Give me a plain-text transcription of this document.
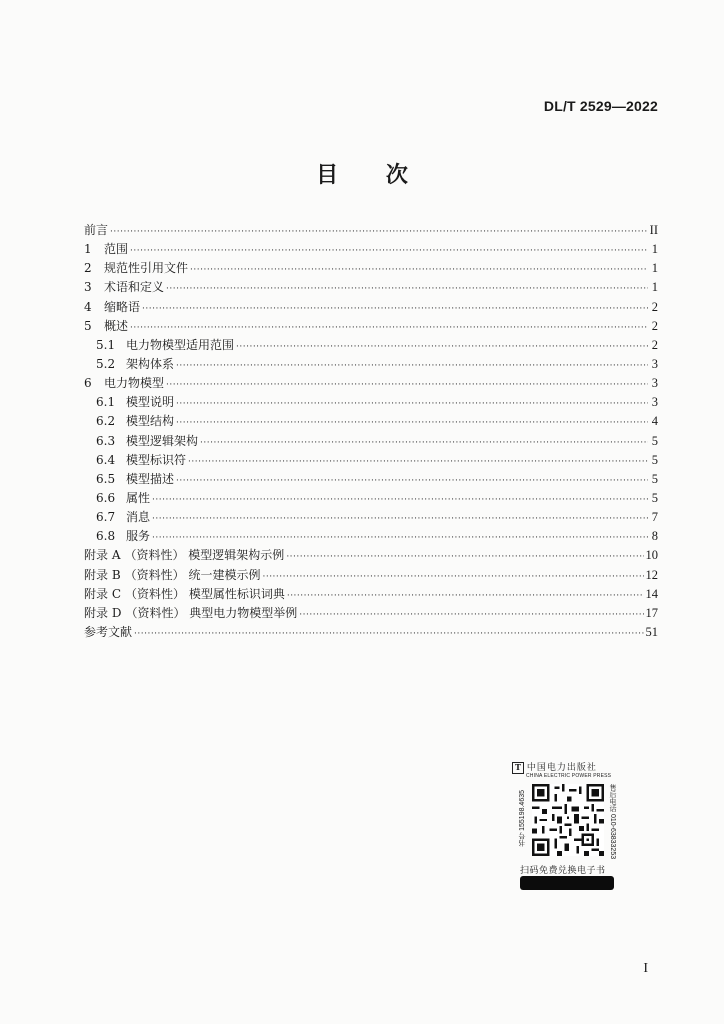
DL/T 2529—2022
目 次
前言 ·····	II
1	范围 ·····	1
2	规范性引用文件 ·····	1
3	术语和定义 ·····	1
4	缩略语 ·····	2
5	概述 ·····	2
5.1 电力物模型适用范围 ·····	2
5.2 架构体系 ·····	3
6	电力物模型 ·····	3
6.1 模型说明 ·····	3
6.2 模型结构 ·····	4
6.3 模型逻辑架构 ·····	5
6.4 模型标识符 ·····	5
6.5 模型描述 ·····	5
6.6 属性 ·····	5
6.7 消息 ·····	7
6.8 服务 ·····	8
附录 A （资料性） 模型逻辑架构示例 ·····	10
附录 B （资料性） 统一建模示例 ·····	12
附录 C （资料性） 模型属性标识词典 ·····	14
附录 D （资料性） 典型电力物模型举例 ·····	17
参考文献 ·····	51
T 中国电力出版社
CHINA ELECTRIC POWER PRESS
书号 155198.4635	售后电话 010-63833253
扫码免费兑换电子书
I
